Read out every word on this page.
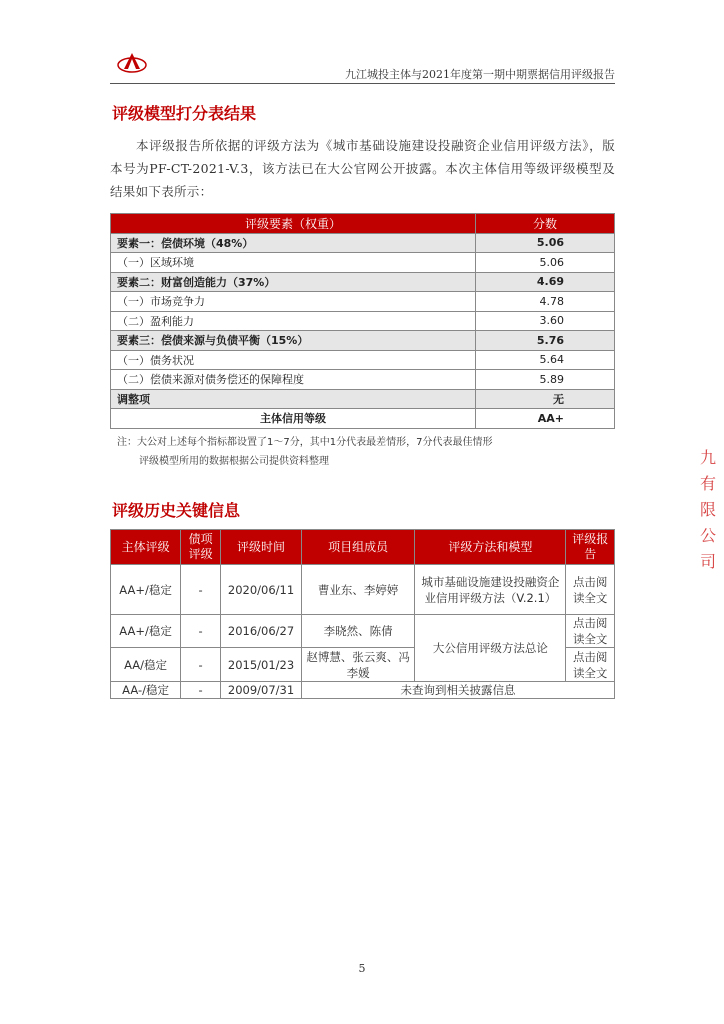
九江城投主体与2021年度第一期中期票据信用评级报告
评级模型打分表结果
本评级报告所依据的评级方法为《城市基础设施建设投融资企业信用评级方法》，版本号为PF-CT-2021-V.3，该方法已在大公官网公开披露。本次主体信用等级评级模型及结果如下表所示：
评级要素（权重）	分数
要素一：偿债环境（48%）	5.06
（一）区域环境	5.06
要素二：财富创造能力（37%）	4.69
（一）市场竞争力	4.78
（二）盈利能力	3.60
要素三：偿债来源与负债平衡（15%）	5.76
（一）债务状况	5.64
（二）偿债来源对债务偿还的保障程度	5.89
调整项	无
主体信用等级	AA+
注：大公对上述每个指标都设置了1～7分，其中1分代表最差情形，7分代表最佳情形
评级模型所用的数据根据公司提供资料整理
评级历史关键信息
主体评级	债项评级	评级时间	项目组成员	评级方法和模型	评级报告
AA+/稳定	-	2020/06/11	曹业东、李婷婷	城市基础设施建设投融资企业信用评级方法（V.2.1）	点击阅读全文
AA+/稳定	-	2016/06/27	李晓然、陈倩	大公信用评级方法总论	点击阅读全文
AA/稳定	-	2015/01/23	赵博慧、张云爽、冯李媛		点击阅读全文
AA-/稳定	-	2009/07/31	未查询到相关披露信息		
九有限公司
5
